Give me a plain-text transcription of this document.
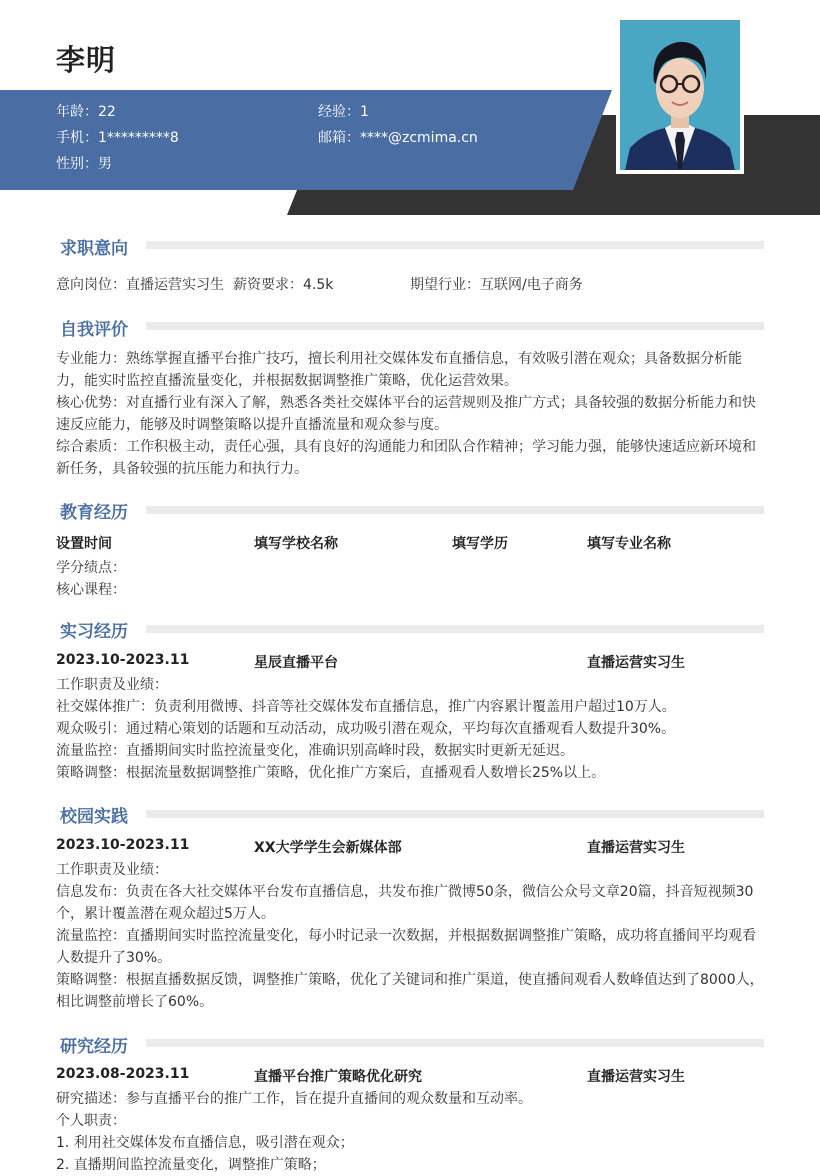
李明
年龄：22	经验：1
手机：1*********8	邮箱：****@zcmima.cn
性别：男
求职意向
意向岗位：直播运营实习生 薪资要求：4.5k	期望行业：互联网/电子商务
自我评价
专业能力：熟练掌握直播平台推广技巧，擅长利用社交媒体发布直播信息，有效吸引潜在观众；具备数据分析能力，能实时监控直播流量变化，并根据数据调整推广策略，优化运营效果。
核心优势：对直播行业有深入了解，熟悉各类社交媒体平台的运营规则及推广方式；具备较强的数据分析能力和快速反应能力，能够及时调整策略以提升直播流量和观众参与度。
综合素质：工作积极主动，责任心强，具有良好的沟通能力和团队合作精神；学习能力强，能够快速适应新环境和新任务，具备较强的抗压能力和执行力。
教育经历
设置时间	填写学校名称	填写学历	填写专业名称
学分绩点：
核心课程：
实习经历
2023.10-2023.11	星辰直播平台	直播运营实习生
工作职责及业绩：
社交媒体推广：负责利用微博、抖音等社交媒体发布直播信息，推广内容累计覆盖用户超过10万人。
观众吸引：通过精心策划的话题和互动活动，成功吸引潜在观众，平均每次直播观看人数提升30%。
流量监控：直播期间实时监控流量变化，准确识别高峰时段，数据实时更新无延迟。
策略调整：根据流量数据调整推广策略，优化推广方案后，直播观看人数增长25%以上。
校园实践
2023.10-2023.11	XX大学学生会新媒体部	直播运营实习生
工作职责及业绩：
信息发布：负责在各大社交媒体平台发布直播信息，共发布推广微博50条，微信公众号文章20篇，抖音短视频30个，累计覆盖潜在观众超过5万人。
流量监控：直播期间实时监控流量变化，每小时记录一次数据，并根据数据调整推广策略，成功将直播间平均观看人数提升了30%。
策略调整：根据直播数据反馈，调整推广策略，优化了关键词和推广渠道，使直播间观看人数峰值达到了8000人，相比调整前增长了60%。
研究经历
2023.08-2023.11	直播平台推广策略优化研究	直播运营实习生
研究描述：参与直播平台的推广工作，旨在提升直播间的观众数量和互动率。
个人职责：
1. 利用社交媒体发布直播信息，吸引潜在观众；
2. 直播期间监控流量变化，调整推广策略；
